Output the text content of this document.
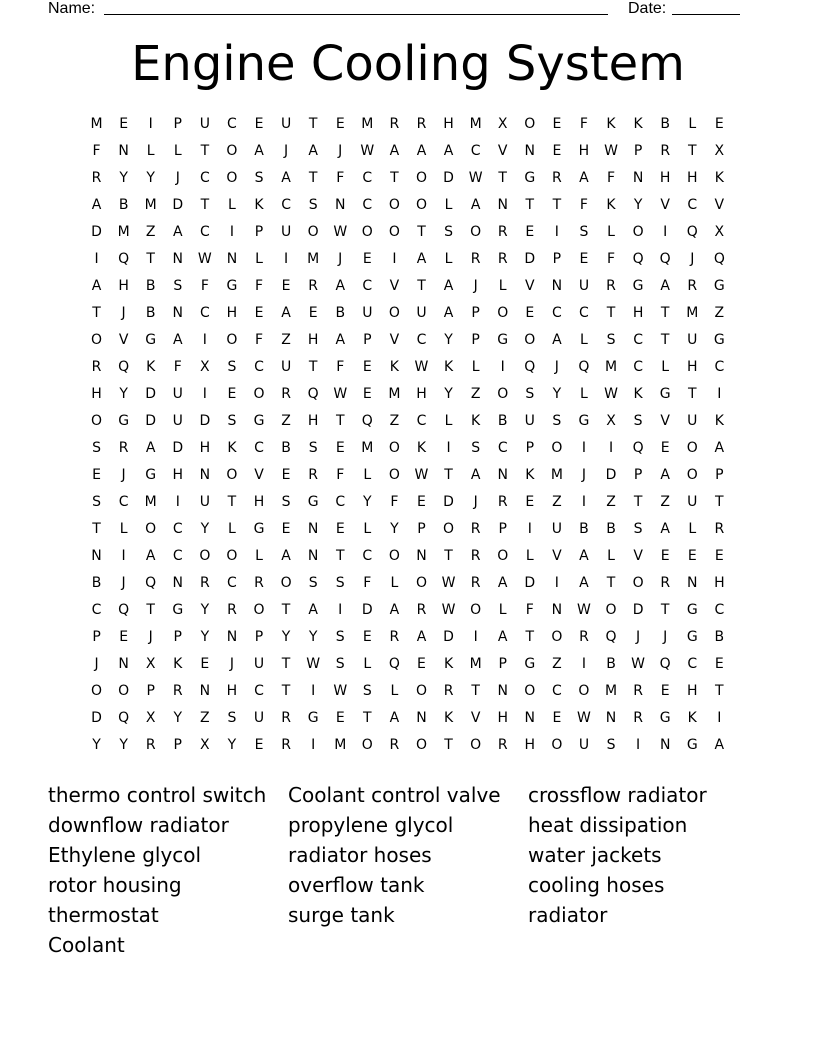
Name:	Date:
Engine Cooling System
M	E	I	P	U	C	E	U	T	E	M	R	R	H	M	X	O	E	F	K	K	B	L	E
F	N	L	L	T	O	A	J	A	J	W	A	A	A	C	V	N	E	H	W	P	R	T	X
R	Y	Y	J	C	O	S	A	T	F	C	T	O	D	W	T	G	R	A	F	N	H	H	K
A	B	M	D	T	L	K	C	S	N	C	O	O	L	A	N	T	T	F	K	Y	V	C	V
D	M	Z	A	C	I	P	U	O	W	O	O	T	S	O	R	E	I	S	L	O	I	Q	X
I	Q	T	N	W	N	L	I	M	J	E	I	A	L	R	R	D	P	E	F	Q	Q	J	Q
A	H	B	S	F	G	F	E	R	A	C	V	T	A	J	L	V	N	U	R	G	A	R	G
T	J	B	N	C	H	E	A	E	B	U	O	U	A	P	O	E	C	C	T	H	T	M	Z
O	V	G	A	I	O	F	Z	H	A	P	V	C	Y	P	G	O	A	L	S	C	T	U	G
R	Q	K	F	X	S	C	U	T	F	E	K	W	K	L	I	Q	J	Q	M	C	L	H	C
H	Y	D	U	I	E	O	R	Q	W	E	M	H	Y	Z	O	S	Y	L	W	K	G	T	I
O	G	D	U	D	S	G	Z	H	T	Q	Z	C	L	K	B	U	S	G	X	S	V	U	K
S	R	A	D	H	K	C	B	S	E	M	O	K	I	S	C	P	O	I	I	Q	E	O	A
E	J	G	H	N	O	V	E	R	F	L	O	W	T	A	N	K	M	J	D	P	A	O	P
S	C	M	I	U	T	H	S	G	C	Y	F	E	D	J	R	E	Z	I	Z	T	Z	U	T
T	L	O	C	Y	L	G	E	N	E	L	Y	P	O	R	P	I	U	B	B	S	A	L	R
N	I	A	C	O	O	L	A	N	T	C	O	N	T	R	O	L	V	A	L	V	E	E	E
B	J	Q	N	R	C	R	O	S	S	F	L	O	W	R	A	D	I	A	T	O	R	N	H
C	Q	T	G	Y	R	O	T	A	I	D	A	R	W	O	L	F	N	W	O	D	T	G	C
P	E	J	P	Y	N	P	Y	Y	S	E	R	A	D	I	A	T	O	R	Q	J	J	G	B
J	N	X	K	E	J	U	T	W	S	L	Q	E	K	M	P	G	Z	I	B	W	Q	C	E
O	O	P	R	N	H	C	T	I	W	S	L	O	R	T	N	O	C	O	M	R	E	H	T
D	Q	X	Y	Z	S	U	R	G	E	T	A	N	K	V	H	N	E	W	N	R	G	K	I
Y	Y	R	P	X	Y	E	R	I	M	O	R	O	T	O	R	H	O	U	S	I	N	G	A
thermo control switch
downflow radiator
Ethylene glycol
rotor housing
thermostat
Coolant
Coolant control valve
propylene glycol
radiator hoses
overflow tank
surge tank
crossflow radiator
heat dissipation
water jackets
cooling hoses
radiator
